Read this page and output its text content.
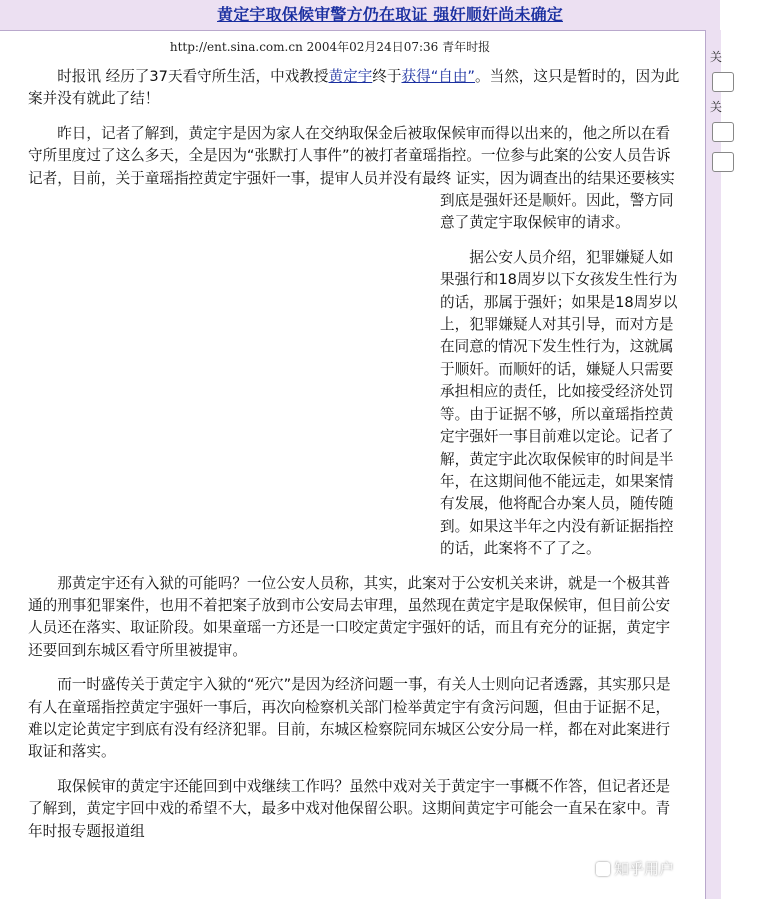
黄定宇取保候审警方仍在取证 强奸顺奸尚未确定
http://ent.sina.com.cn 2004年02月24日07:36 青年时报

时报讯 经历了37天看守所生活，中戏教授黄定宇终于获得“自由”。当然，这只是暂时的，因为此案并没有就此了结！

昨日，记者了解到，黄定宇是因为家人在交纳取保金后被取保候审而得以出来的，他之所以在看守所里度过了这么多天，全是因为“张默打人事件”的被打者童瑶指控。一位参与此案的公安人员告诉记者，目前，关于童瑶指控黄定宇强奸一事，提审人员并没
有最终 证实，因为调查出的结果还要核实到底是强奸还是顺奸。因此，警方同意了黄定宇取保候审的请求。

据公安人员介绍，犯罪嫌疑人如果强行和18周岁以下女孩发生性行为的话，那属于强奸；如果是18周岁以上，犯罪嫌疑人对其引导，而对方是在同意的情况下发生性行为，这就属于顺奸。而顺奸的话，嫌疑人只需要承担相应的责任，比如接受经济处罚等。由于证据不够，所以童瑶指控黄定宇强奸一事目前难以定论。记者了解，黄定宇此次取保候审的时间是半年，在这期间他不能远走，如果案情有发展，他将配合办案人员，随传随到。如果这半年之内没有新证据指控的话，此案将不了了之。

那黄定宇还有入狱的可能吗？一位公安人员称，其实，此案对于公安机关来讲，就是一个极其普通的刑事犯罪案件，也用不着把案子放到市公安局去审理，虽然现在黄定宇是取保候审，但目前公安人员还在落实、取证阶段。如果童瑶一方还是一口咬定黄定宇强奸的话，而且有充分的证据，黄定宇还要回到东城区看守所里被提审。

而一时盛传关于黄定宇入狱的“死穴”是因为经济问题一事，有关人士则向记者透露，其实那只是有人在童瑶指控黄定宇强奸一事后，再次向检察机关部门检举黄定宇有贪污问题，但由于证据不足，难以定论黄定宇到底有没有经济犯罪。目前，东城区检察院同东城区公安分局一样，都在对此案进行取证和落实。

取保候审的黄定宇还能回到中戏继续工作吗？虽然中戏对关于黄定宇一事概不作答，但记者还是了解到，黄定宇回中戏的希望不大，最多中戏对他保留公职。这期间黄定宇可能会一直呆在家中。青年时报专题报道组

关
关
知乎用户
